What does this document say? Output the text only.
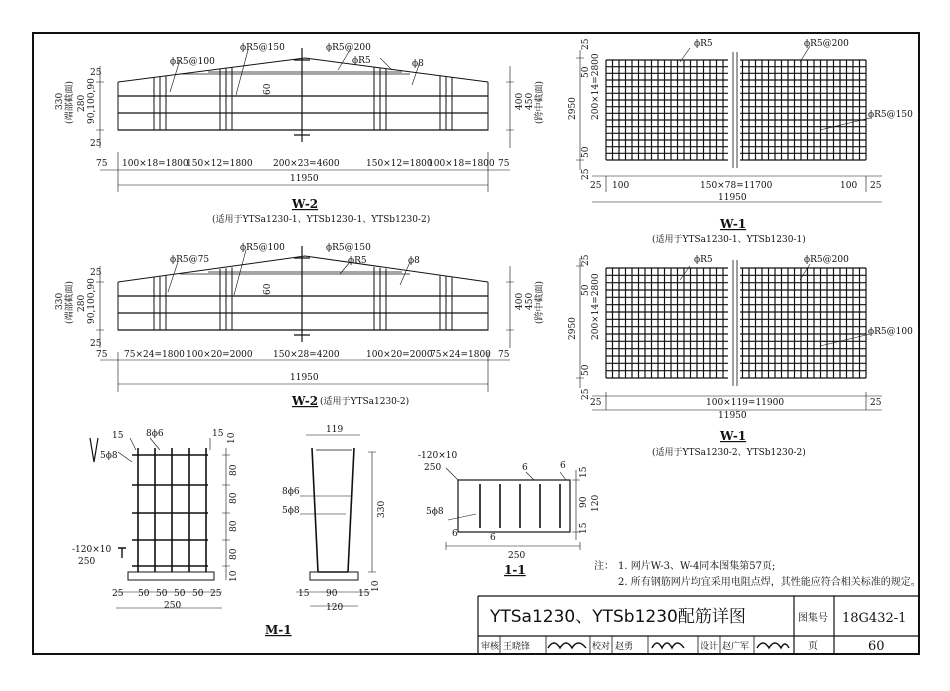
25
330 (端部截面) 280 90,100,90
25
400 450 (跨中截面)
ϕR5@100
ϕR5@150	ϕR5@200
ϕR5	ϕ8
60
75 100×18=1800
150×12=1800 200×23=4600	150×12=1800
100×18=1800 75
11950
W-2
(适用于YTSa1230-1、YTSb1230-1、YTSb1230-2)
25
330 (端部截面) 280 90,100,90
25
400 450 (跨中截面)
ϕR5@75
ϕR5@100	ϕR5@150
ϕR5	ϕ8
60
75 75×24=1800 100×20=2000 150×28=4200	100×20=2000
75×24=1800 75
11950
W-2 (适用于YTSa1230-2)
ϕR5	ϕR5@200
ϕR5@150
25
50 200×14=2800
2950
50
25
25 100	150×78=11700	100 25
11950
W-1
(适用于YTSa1230-1、YTSb1230-1)
ϕR5	ϕR5@200
ϕR5@100
25
50 200×14=2800
2950
50
25
25	100×119=11900	25
11950
W-1
(适用于YTSa1230-2、YTSb1230-2)
15	8ϕ6	15 10
5ϕ8
80
80
80
80
10
-120×10
250
25 50 50 50 50 25
250
M-1
119
8ϕ6
5ϕ8	330
15 90 15
120
10
-120×10
250	6	6
5ϕ8
6	6
15
90
15
120
250
1-1	注： 1. 网片W-3、W-4同本图集第57页;
2. 所有钢筋网片均宜采用电阻点焊，其性能应符合相关标准的规定。
YTSa1230、YTSb1230配筋详图	图集号 18G432-1
审核 王晓锋	校对 赵勇	设计 赵广军	页	60
